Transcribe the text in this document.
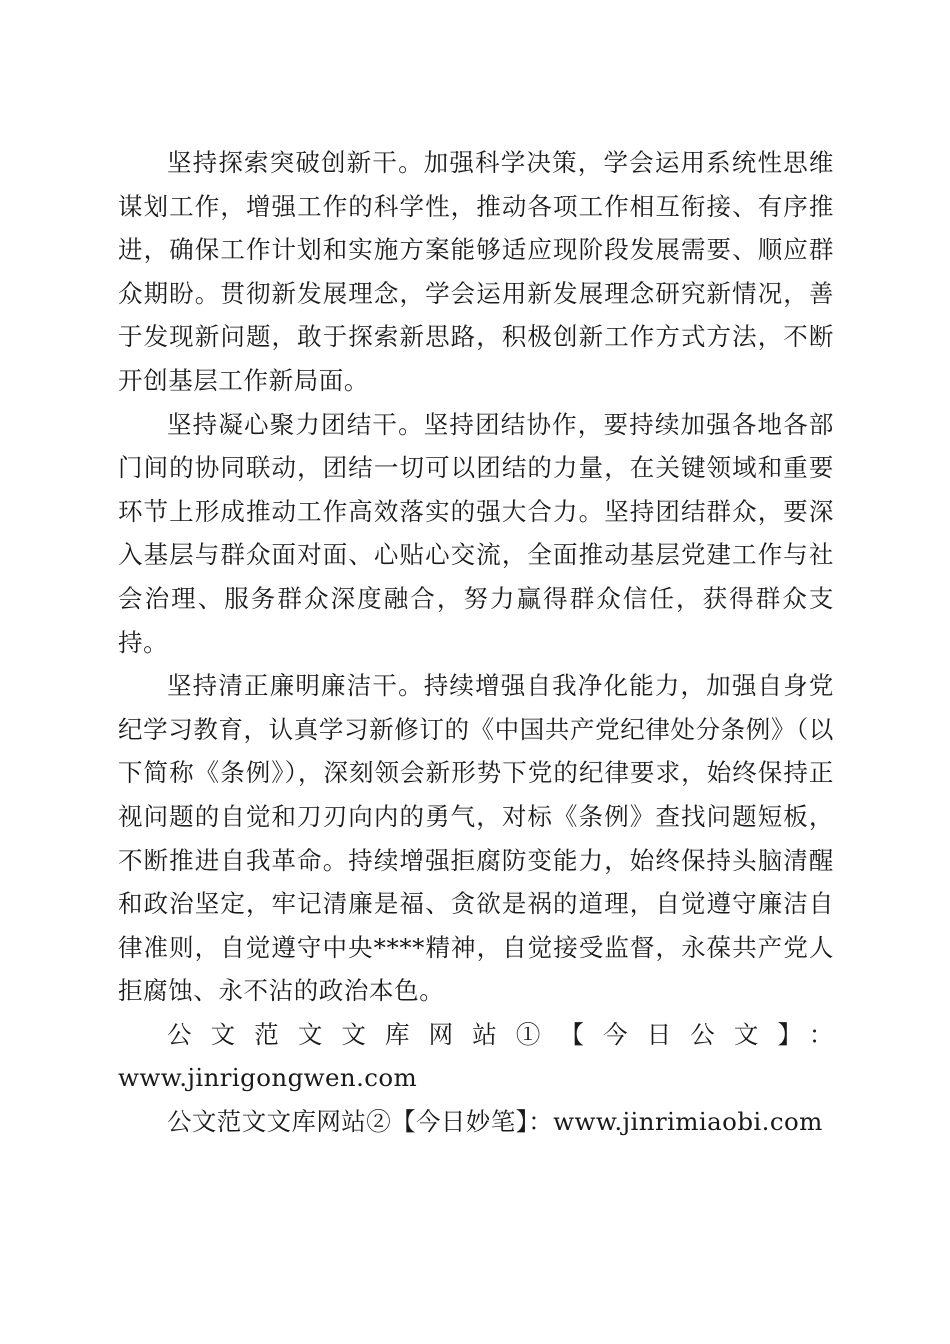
坚持探索突破创新干。加强科学决策，学会运用系统性思维谋划工作，增强工作的科学性，推动各项工作相互衔接、有序推进，确保工作计划和实施方案能够适应现阶段发展需要、顺应群众期盼。贯彻新发展理念，学会运用新发展理念研究新情况，善于发现新问题，敢于探索新思路，积极创新工作方式方法，不断开创基层工作新局面。

坚持凝心聚力团结干。坚持团结协作，要持续加强各地各部门间的协同联动，团结一切可以团结的力量，在关键领域和重要环节上形成推动工作高效落实的强大合力。坚持团结群众，要深入基层与群众面对面、心贴心交流，全面推动基层党建工作与社会治理、服务群众深度融合，努力赢得群众信任，获得群众支持。

坚持清正廉明廉洁干。持续增强自我净化能力，加强自身党纪学习教育，认真学习新修订的《中国共产党纪律处分条例》（以下简称《条例》），深刻领会新形势下党的纪律要求，始终保持正视问题的自觉和刀刃向内的勇气，对标《条例》查找问题短板，不断推进自我革命。持续增强拒腐防变能力，始终保持头脑清醒和政治坚定，牢记清廉是福、贪欲是祸的道理，自觉遵守廉洁自律准则，自觉遵守中央****精神，自觉接受监督，永葆共产党人拒腐蚀、永不沾的政治本色。

公文范文文库网站①【今日公文】：

www.jinrigongwen.com

公文范文文库网站②【今日妙笔】：www.jinrimiaobi.com
